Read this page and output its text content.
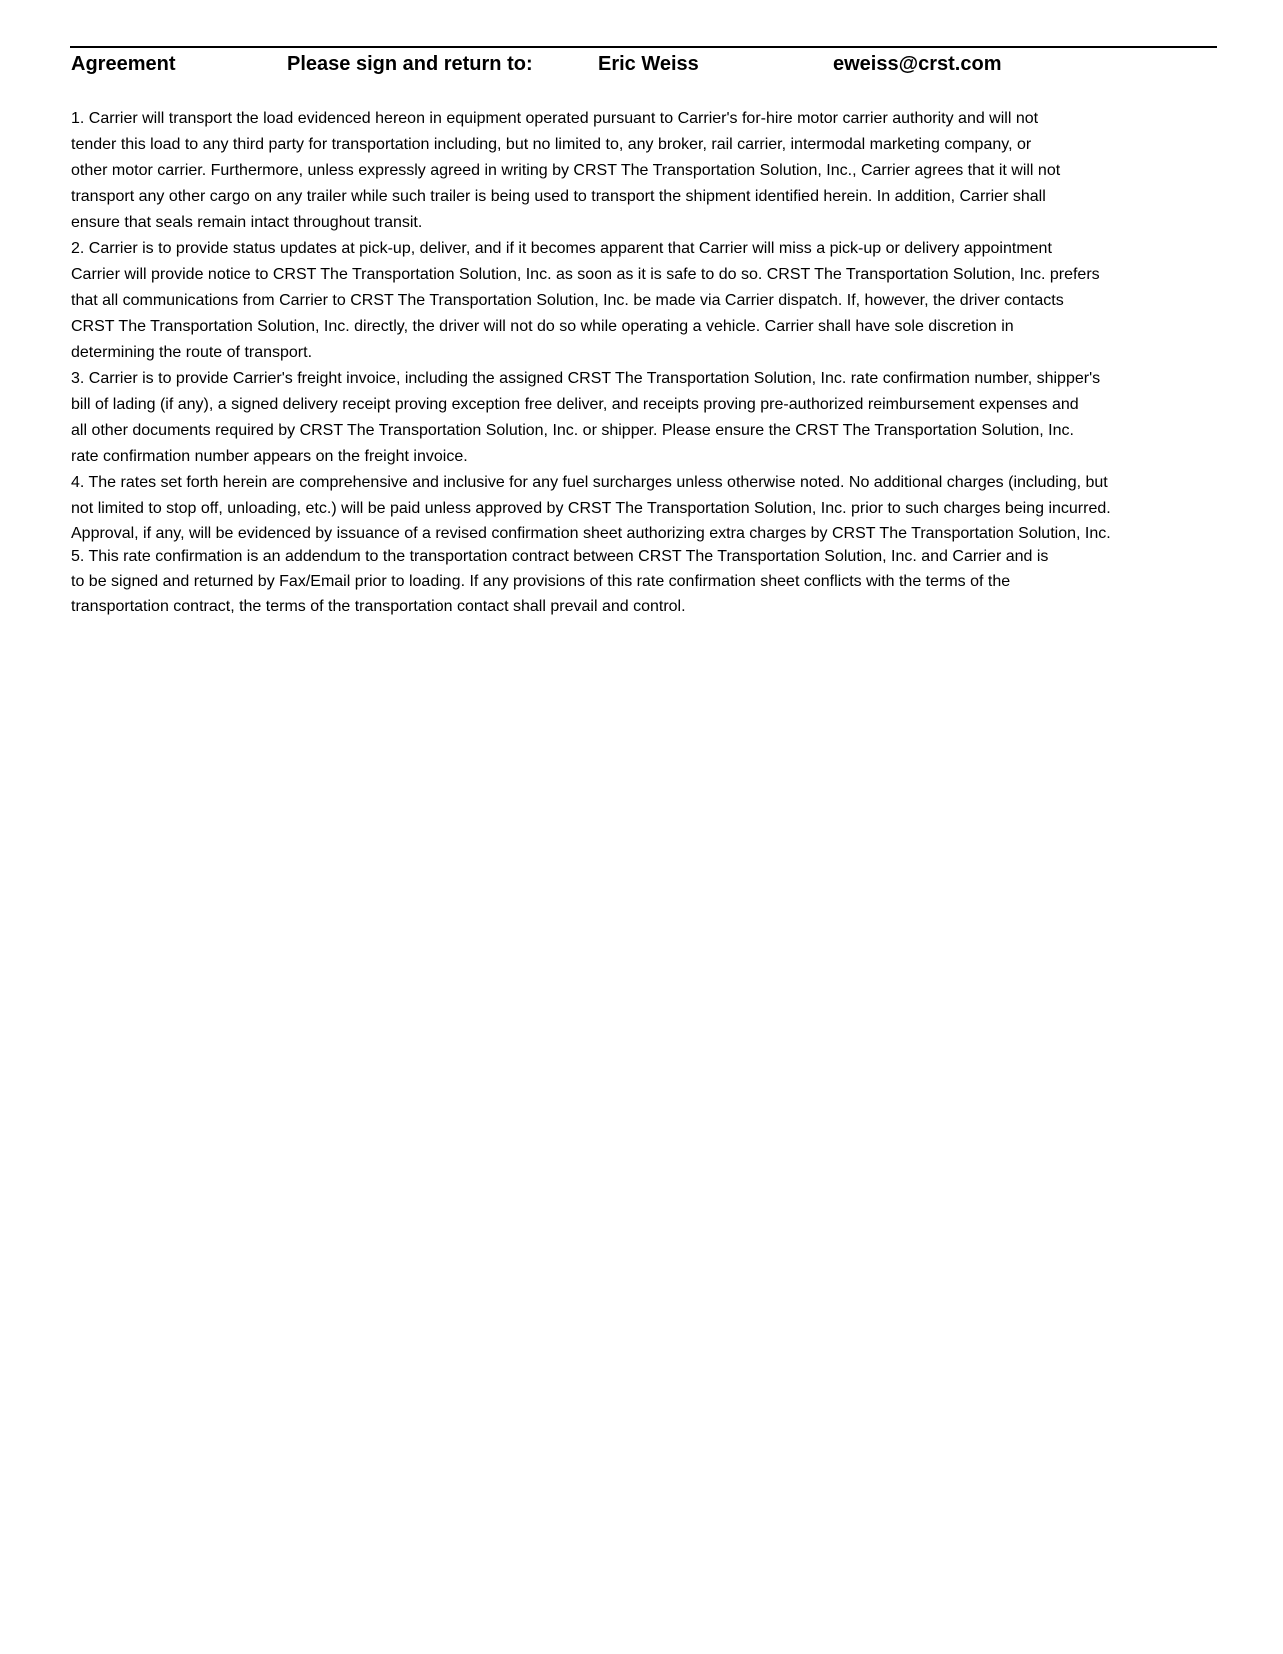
Agreement	Please sign and return to:	Eric Weiss	eweiss@crst.com
1. Carrier will transport the load evidenced hereon in equipment operated pursuant to Carrier's for-hire motor carrier authority and will not
tender this load to any third party for transportation including, but no limited to, any broker, rail carrier, intermodal marketing company, or
other motor carrier. Furthermore, unless expressly agreed in writing by CRST The Transportation Solution, Inc., Carrier agrees that it will not
transport any other cargo on any trailer while such trailer is being used to transport the shipment identified herein. In addition, Carrier shall
ensure that seals remain intact throughout transit.
2. Carrier is to provide status updates at pick-up, deliver, and if it becomes apparent that Carrier will miss a pick-up or delivery appointment
Carrier will provide notice to CRST The Transportation Solution, Inc. as soon as it is safe to do so. CRST The Transportation Solution, Inc. prefers
that all communications from Carrier to CRST The Transportation Solution, Inc. be made via Carrier dispatch. If, however, the driver contacts
CRST The Transportation Solution, Inc. directly, the driver will not do so while operating a vehicle. Carrier shall have sole discretion in
determining the route of transport.
3. Carrier is to provide Carrier's freight invoice, including the assigned CRST The Transportation Solution, Inc. rate confirmation number, shipper's
bill of lading (if any), a signed delivery receipt proving exception free deliver, and receipts proving pre-authorized reimbursement expenses and
all other documents required by CRST The Transportation Solution, Inc. or shipper. Please ensure the CRST The Transportation Solution, Inc.
rate confirmation number appears on the freight invoice.
4. The rates set forth herein are comprehensive and inclusive for any fuel surcharges unless otherwise noted. No additional charges (including, but
not limited to stop off, unloading, etc.) will be paid unless approved by CRST The Transportation Solution, Inc. prior to such charges being incurred.
Approval, if any, will be evidenced by issuance of a revised confirmation sheet authorizing extra charges by CRST The Transportation Solution, Inc.
5. This rate confirmation is an addendum to the transportation contract between CRST The Transportation Solution, Inc. and Carrier and is
to be signed and returned by Fax/Email prior to loading. If any provisions of this rate confirmation sheet conflicts with the terms of the
transportation contract, the terms of the transportation contact shall prevail and control.
